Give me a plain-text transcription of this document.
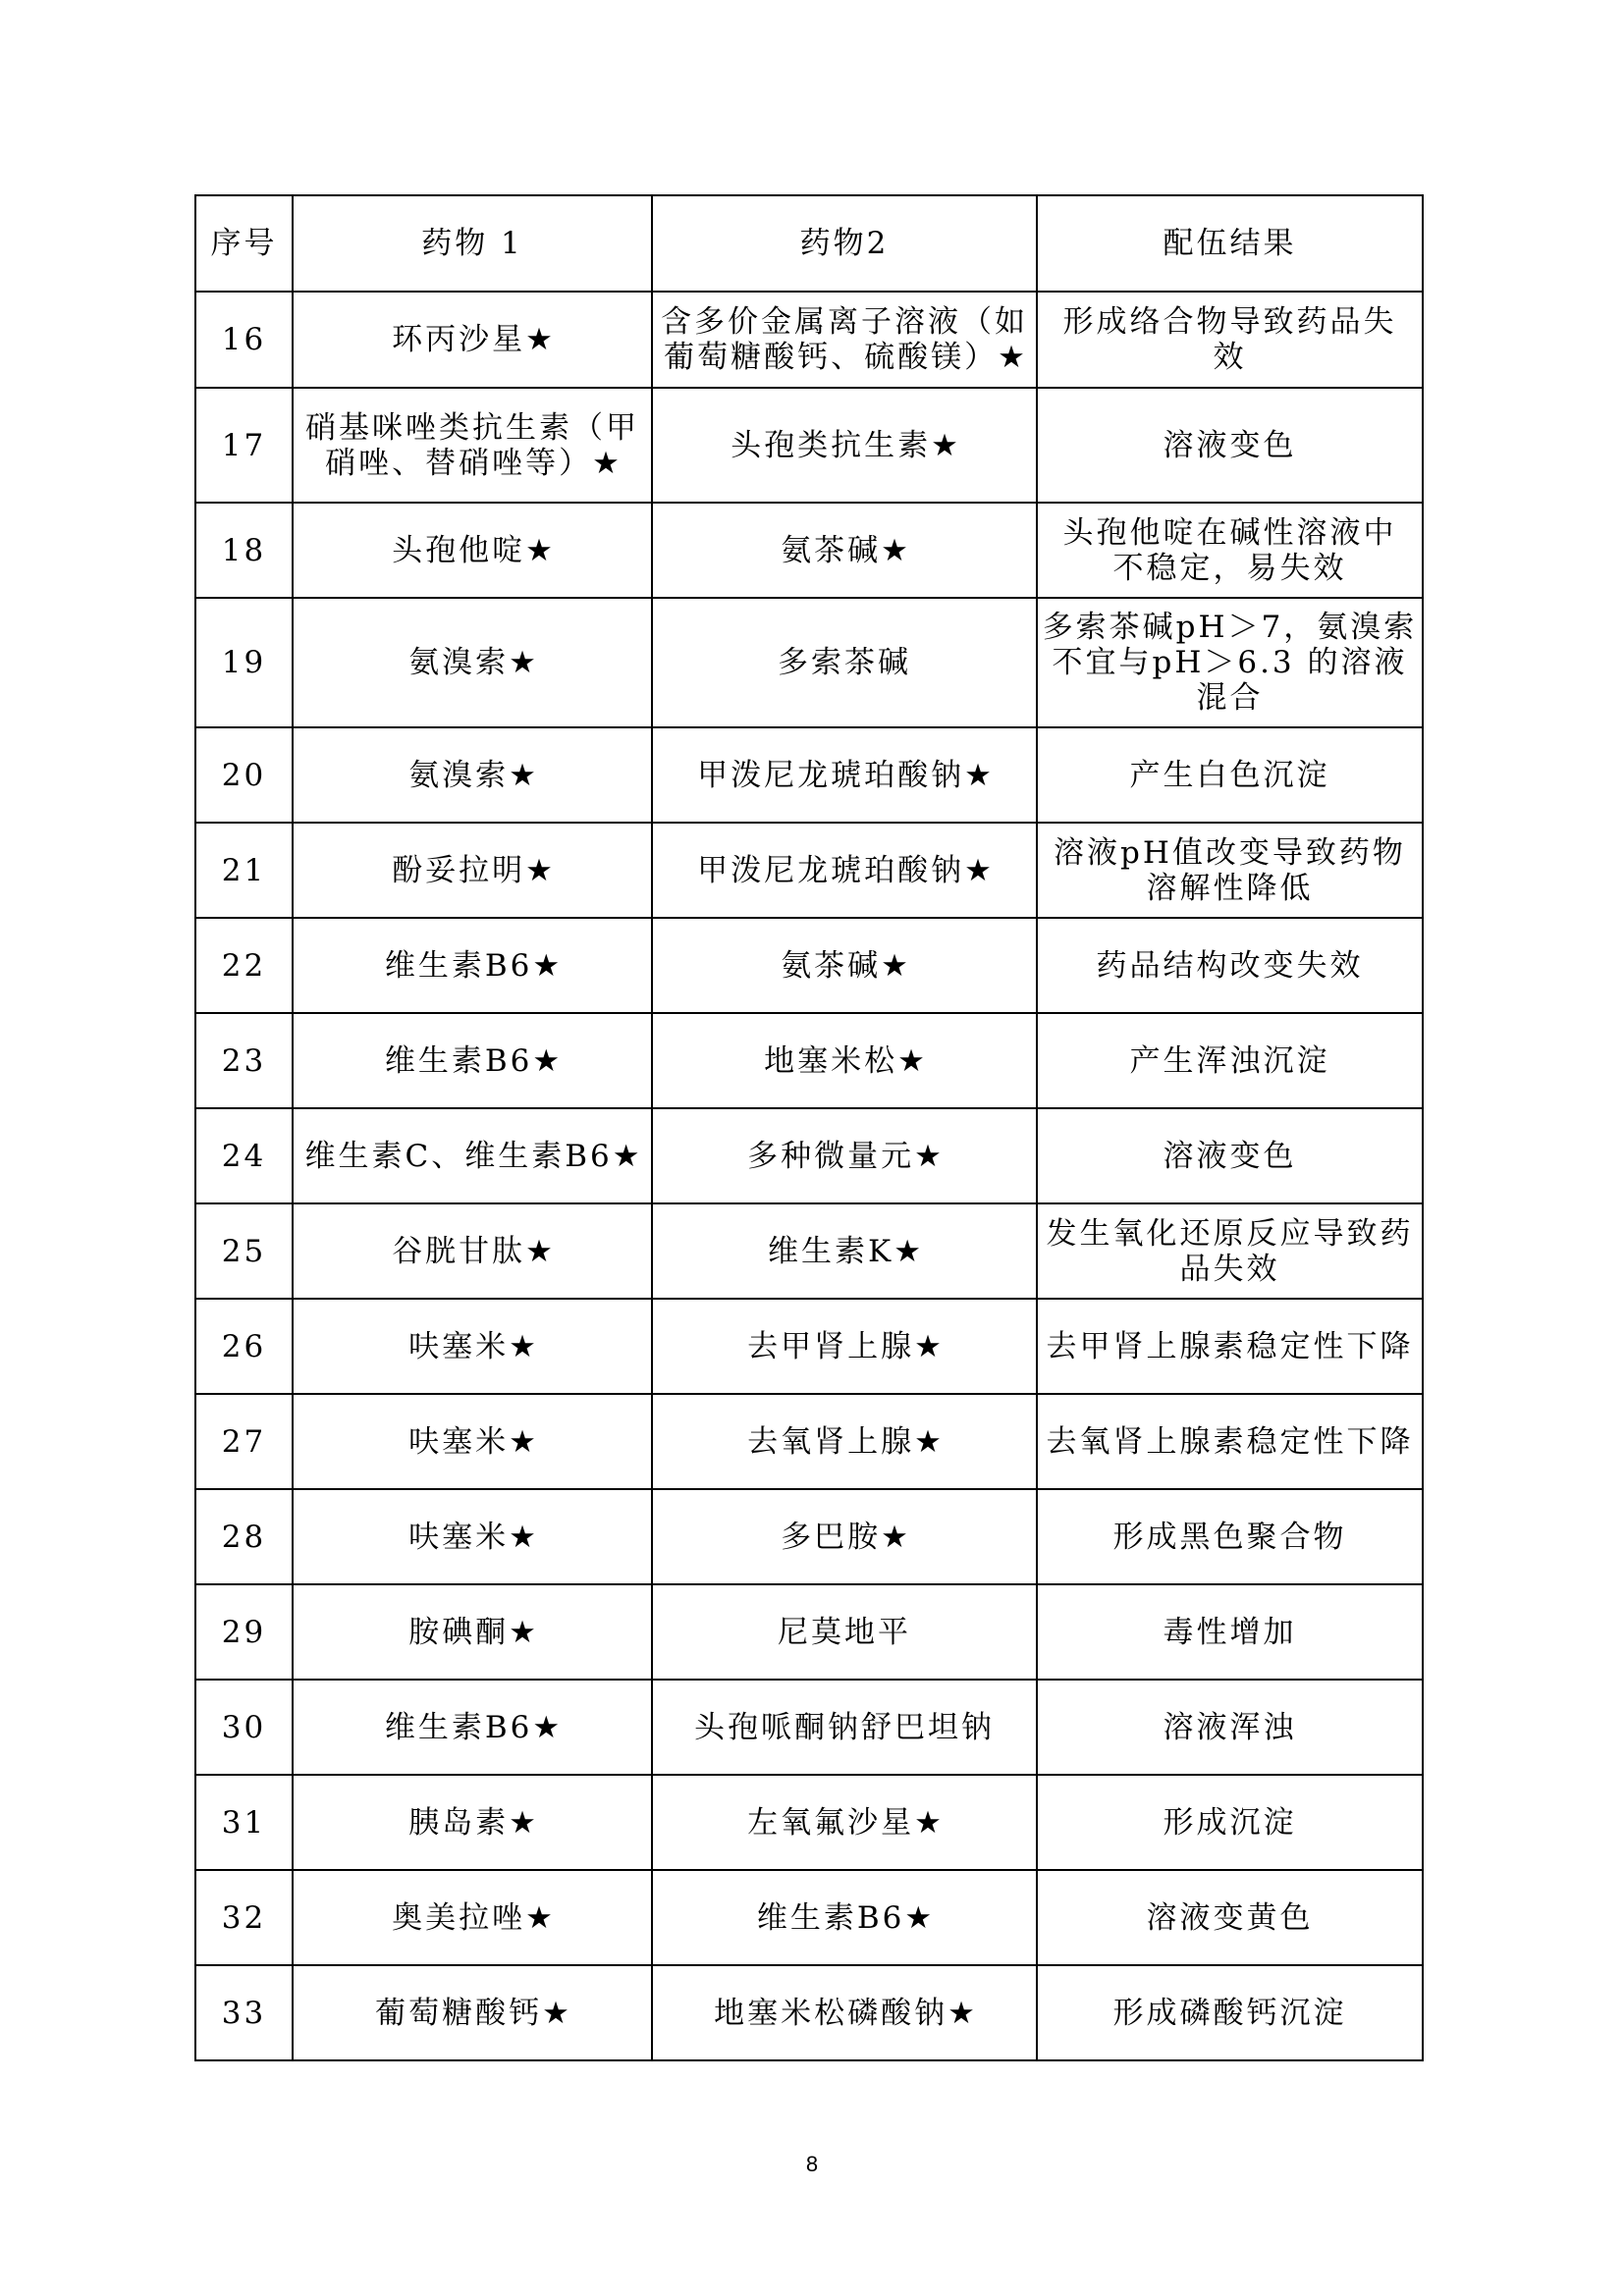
序号	药物 1	药物2	配伍结果
16	环丙沙星★	含多价金属离子溶液（如葡萄糖酸钙、硫酸镁）★	形成络合物导致药品失 效
17	硝基咪唑类抗生素（甲硝唑、替硝唑等）★	头孢类抗生素★	溶液变色
18	头孢他啶★	氨茶碱★	头孢他啶在碱性溶液中 不稳定，易失效
19	氨溴索★	多索茶碱	多索茶碱pH＞7，氨溴索不宜与pH＞6.3 的溶液混合
20	氨溴索★	甲泼尼龙琥珀酸钠★	产生白色沉淀
21	酚妥拉明★	甲泼尼龙琥珀酸钠★	溶液pH值改变导致药物 溶解性降低
22	维生素B6★	氨茶碱★	药品结构改变失效
23	维生素B6★	地塞米松★	产生浑浊沉淀
24	维生素C、维生素B6★	多种微量元★	溶液变色
25	谷胱甘肽★	维生素K★	发生氧化还原反应导致药品失效
26	呋塞米★	去甲肾上腺★	去甲肾上腺素稳定性下降
27	呋塞米★	去氧肾上腺★	去氧肾上腺素稳定性下降
28	呋塞米★	多巴胺★	形成黑色聚合物
29	胺碘酮★	尼莫地平	毒性增加
30	维生素B6★	头孢哌酮钠舒巴坦钠	溶液浑浊
31	胰岛素★	左氧氟沙星★	形成沉淀
32	奥美拉唑★	维生素B6★	溶液变黄色
33	葡萄糖酸钙★	地塞米松磷酸钠★	形成磷酸钙沉淀
8
